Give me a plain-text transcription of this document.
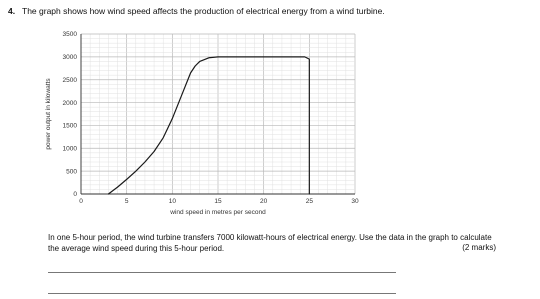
4. The graph shows how wind speed affects the production of electrical energy from a wind turbine.

0	5	10	15	20	25	30
0
500
1000
1500
2000
2500
3000
3500
wind speed in metres per second
power output in kilowatts

In one 5-hour period, the wind turbine transfers 7000 kilowatt-hours of electrical energy. Use the data in the graph to calculate the average wind speed during this 5-hour period.	(2 marks)
